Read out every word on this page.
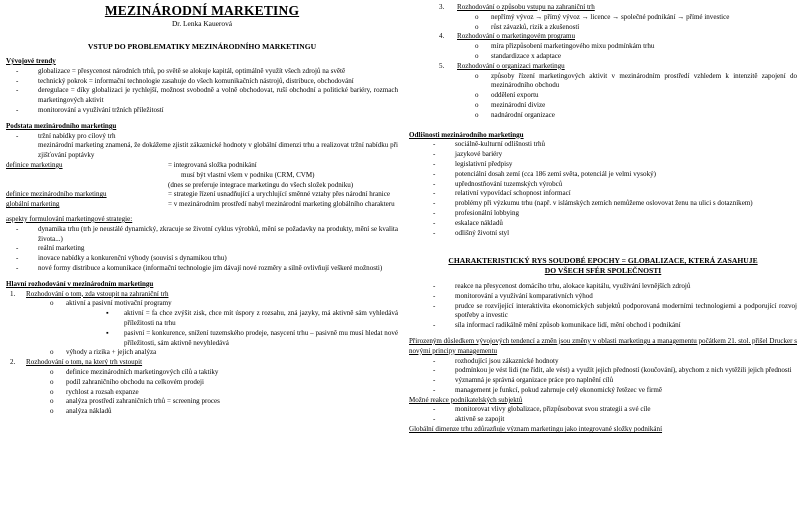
MEZINÁRODNÍ MARKETING
Dr. Lenka Kauerová
VSTUP DO PROBLEMATIKY MEZINÁRODNÍHO MARKETINGU
Vývojové trendy
-	globalizace = přesycenost národních trhů, po světě se alokuje kapitál, optimálně využít všech zdrojů na světě
-	technický pokrok = informační technologie zasahuje do všech komunikačních nástrojů, distribuce, obchodování
-	deregulace = díky globalizaci je rychlejší, možnost svobodně a volně obchodovat, ruší obchodní a politické bariéry, rozmach marketingových aktivit
-	monitorování a využívání tržních příležitostí
Podstata mezinárodního marketingu
-	tržní nabídky pro cílový trh
mezinárodní marketing znamená, že dokážeme zjistit zákaznické hodnoty v globální dimenzi trhu a realizovat tržní nabídku při zjišťování poptávky
definice marketingu	= integrovaná složka podnikání
musí být vlastní všem v podniku (CRM, CVM)
(dnes se preferuje integrace marketingu do všech složek podniku)
definice mezinárodního marketingu	= strategie řízení usnadňující a urychlující směnné vztahy přes národní hranice
globální marketing	= v mezinárodním prostředí nabyl mezinárodní marketing globálního charakteru
aspekty formulování marketingové strategie:
-	dynamika trhu (trh je neustálé dynamický, zkracuje se životní cyklus výrobků, mění se požadavky na produkty, mění se kvalita života...)
-	reální marketing
-	inovace nabídky a konkurenční výhody (souvisí s dynamikou trhu)
-	nové formy distribuce a komunikace (informační technologie jim dávají nové rozměry a silně ovlivňují veškeré možnosti)
Hlavní rozhodování v mezinárodním marketingu
1. Rozhodování o tom, zda vstoupit na zahraniční trh
o aktivní a pasivní motivační programy
▪ aktivní = fa chce zvýšit zisk, chce mít úspory z rozsahu, zná jazyky, má aktivně sám vyhledává příležitosti na trhu
▪ pasivní = konkurence, snížení tuzemského prodeje, nasycení trhu – pasivně mu musí hledat nové příležitosti, sám aktivně nevyhledává
o výhody a rizika + jejich analýza
2. Rozhodování o tom, na který trh vstoupit
o definice mezinárodních marketingových cílů a taktiky
o podíl zahraničního obchodu na celkovém prodeji
o rychlost a rozsah expanze
o analýza prostředí zahraničních trhů = screening proces
o analýza nákladů
3. Rozhodování o způsobu vstupu na zahraniční trh
o nepřímý vývoz → přímý vývoz → licence → společné podnikání → přímé investice
o růst závazků, rizik a zkušeností
4. Rozhodování o marketingovém programu
o míra přizpůsobení marketingového mixu podmínkám trhu
o standardizace x adaptace
5. Rozhodování o organizaci marketingu
o způsoby řízení marketingových aktivit v mezinárodním prostředí vzhledem k intenzitě zapojení do mezinárodního obchodu
o oddělení exportu
o mezinárodní divize
o nadnárodní organizace
Odlišnosti mezinárodního marketingu
-	sociálně-kulturní odlišnosti trhů
-	jazykové bariéry
-	legislativní předpisy
-	potenciální dosah zemí (cca 186 zemí světa, potenciál je velmi vysoký)
-	upřednostňování tuzemských výrobců
-	relativní vypovídací schopnost informací
-	problémy při výzkumu trhu (např. v islámských zemích nemůžeme oslovovat ženu na ulici s dotazníkem)
-	profesionální lobbying
-	eskalace nákladů
-	odlišný životní styl
CHARAKTERISTICKÝ RYS SOUDOBÉ EPOCHY = GLOBALIZACE, KTERÁ ZASAHUJE
DO VŠECH SFÉR SPOLEČNOSTI
-	reakce na přesycenost domácího trhu, alokace kapitálu, využívání levnějších zdrojů
-	monitorování a využívání komparativních výhod
-	prudce se rozvíjející interaktivita ekonomických subjektů podporovaná moderními technologiemi a podporující rozvoj spotřeby a investic
-	síla informací radikálně mění způsob komunikace lidí, mění obchod i podnikání
Přirozeným důsledkem vývojových tendencí a změn jsou změny v oblasti marketingu a managementu počátkem 21. stol. přišel Drucker s novými principy managementu
-	rozhodující jsou zákaznické hodnoty
-	podmínkou je vést lidi (ne řídit, ale vést) a využít jejich předností (koučování), abychom z nich vytěžili jejich přednosti
-	významná je správná organizace práce pro naplnění cílů
-	management je funkcí, pokud zahrnuje celý ekonomický řetězec ve firmě
Možné reakce podnikatelských subjektů
-	monitorovat vlivy globalizace, přizpůsobovat svou strategii a své cíle
-	aktivně se zapojit
Globální dimenze trhu zdůrazňuje význam marketingu jako integrované složky podnikání
